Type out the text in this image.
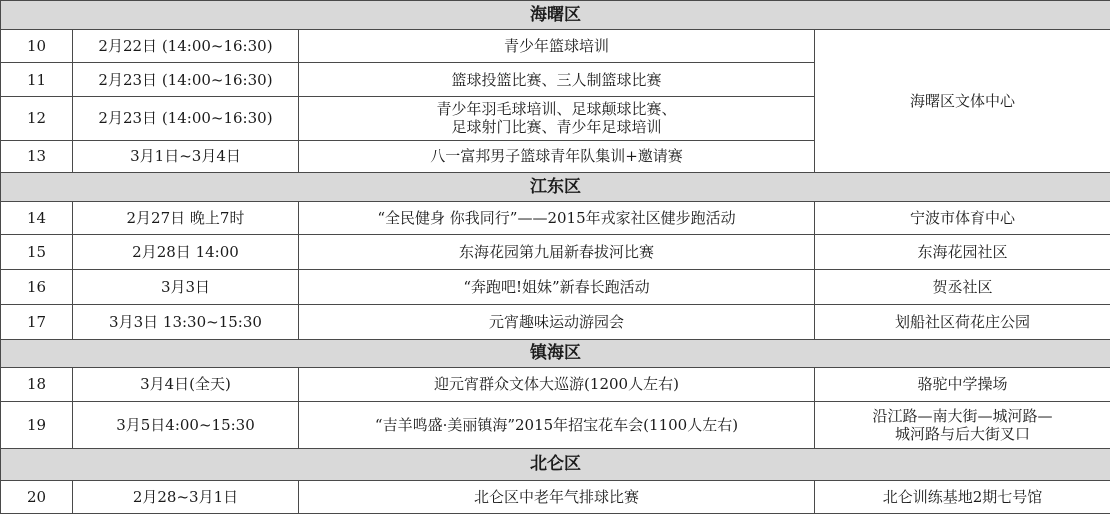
海曙区			
10	2月22日 (14:00~16:30)	青少年篮球培训	海曙区文体中心
11	2月23日 (14:00~16:30)	篮球投篮比赛、三人制篮球比赛	
12	2月23日 (14:00~16:30)	青少年羽毛球培训、足球颠球比赛、
足球射门比赛、青少年足球培训	

13	3月1日~3月4日	八一富邦男子篮球青年队集训+邀请赛	
江东区			
14	2月27日 晚上7时	“全民健身 你我同行”——2015年戎家社区健步跑活动	宁波市体育中心
15	2月28日 14:00	东海花园第九届新春拔河比赛	东海花园社区
16	3月3日	“奔跑吧!姐妹”新春长跑活动	贺丞社区
17	3月3日 13:30~15:30	元宵趣味运动游园会	划船社区荷花庄公园
镇海区			
18	3月4日(全天)	迎元宵群众文体大巡游(1200人左右)	骆驼中学操场
19	3月5日4:00~15:30	“吉羊鸣盛·美丽镇海”2015年招宝花车会(1100人左右)	沿江路—南大街—城河路—
城河路与后大街叉口

北仑区			
20	2月28~3月1日	北仑区中老年气排球比赛	北仑训练基地2期七号馆
